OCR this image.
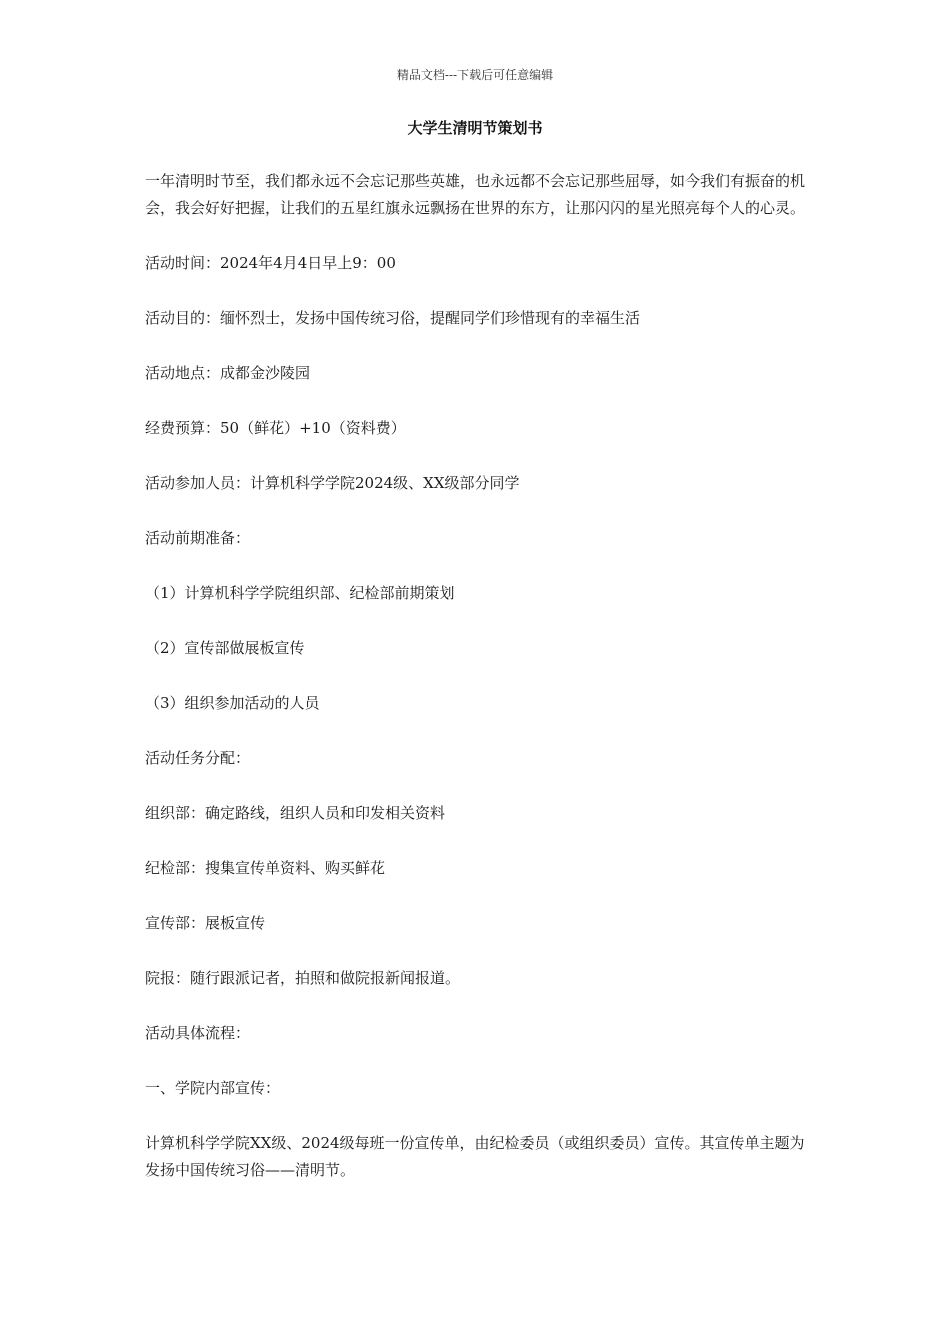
精品文档---下载后可任意编辑
大学生清明节策划书

一年清明时节至，我们都永远不会忘记那些英雄，也永远都不会忘记那些屈辱，如今我们有振奋的机会，我会好好把握，让我们的五星红旗永远飘扬在世界的东方，让那闪闪的星光照亮每个人的心灵。

活动时间：2024年4月4日早上9：00

活动目的：缅怀烈士，发扬中国传统习俗，提醒同学们珍惜现有的幸福生活

活动地点：成都金沙陵园

经费预算：50（鲜花）+10（资料费）

活动参加人员：计算机科学学院2024级、XX级部分同学

活动前期准备：

（1）计算机科学学院组织部、纪检部前期策划

（2）宣传部做展板宣传

（3）组织参加活动的人员

活动任务分配：

组织部：确定路线，组织人员和印发相关资料

纪检部：搜集宣传单资料、购买鲜花

宣传部：展板宣传

院报：随行跟派记者，拍照和做院报新闻报道。

活动具体流程：

一、学院内部宣传：

计算机科学学院XX级、2024级每班一份宣传单，由纪检委员（或组织委员）宣传。其宣传单主题为发扬中国传统习俗——清明节。
